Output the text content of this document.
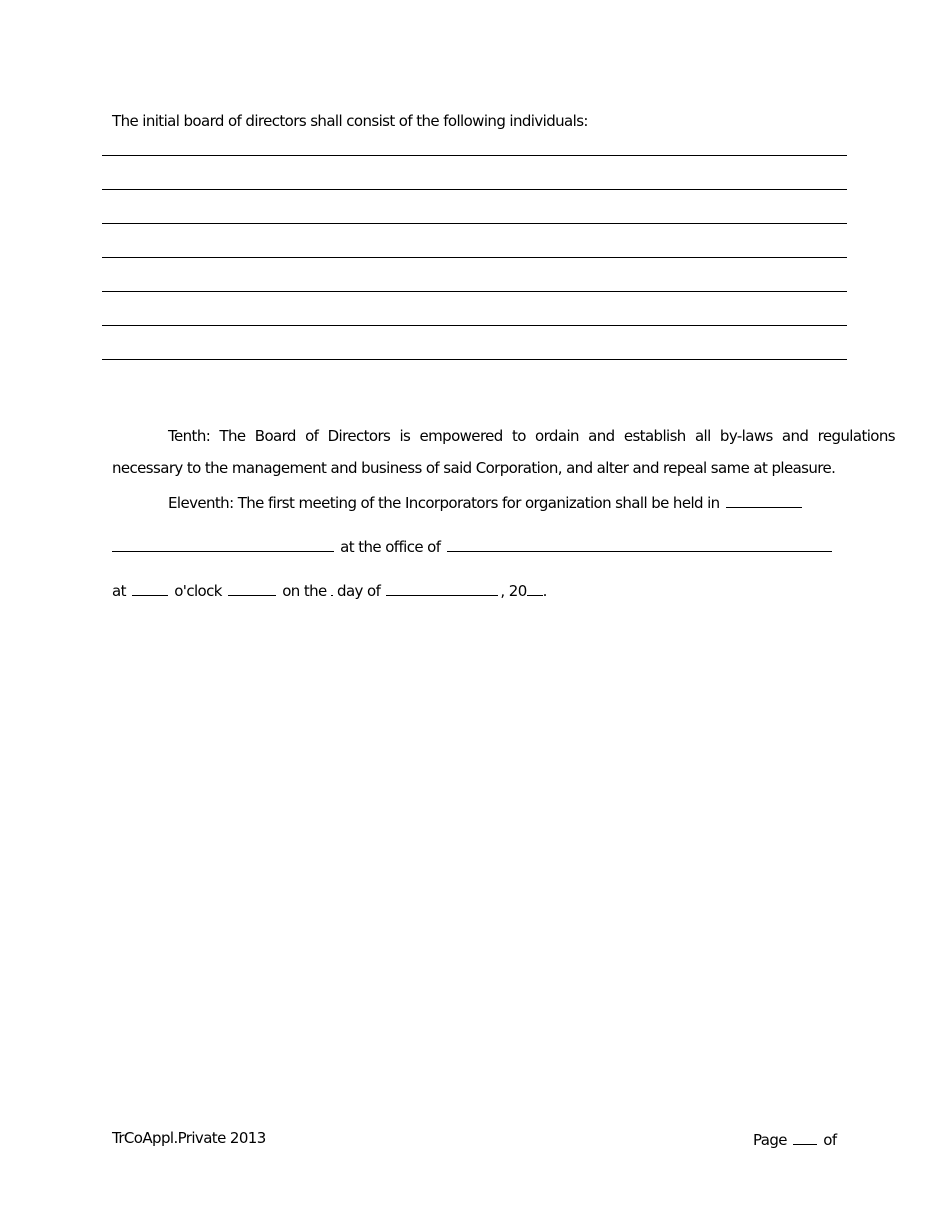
The initial board of directors shall consist of the following individuals:
Tenth: The Board of Directors is empowered to ordain and establish all by-laws and regulations
necessary to the management and business of said Corporation, and alter and repeal same at pleasure.
Eleventh: The first meeting of the Incorporators for organization shall be held in
at the office of
at	o'clock	on the day of	, 20 .
TrCoAppl.Private 2013	Page of
